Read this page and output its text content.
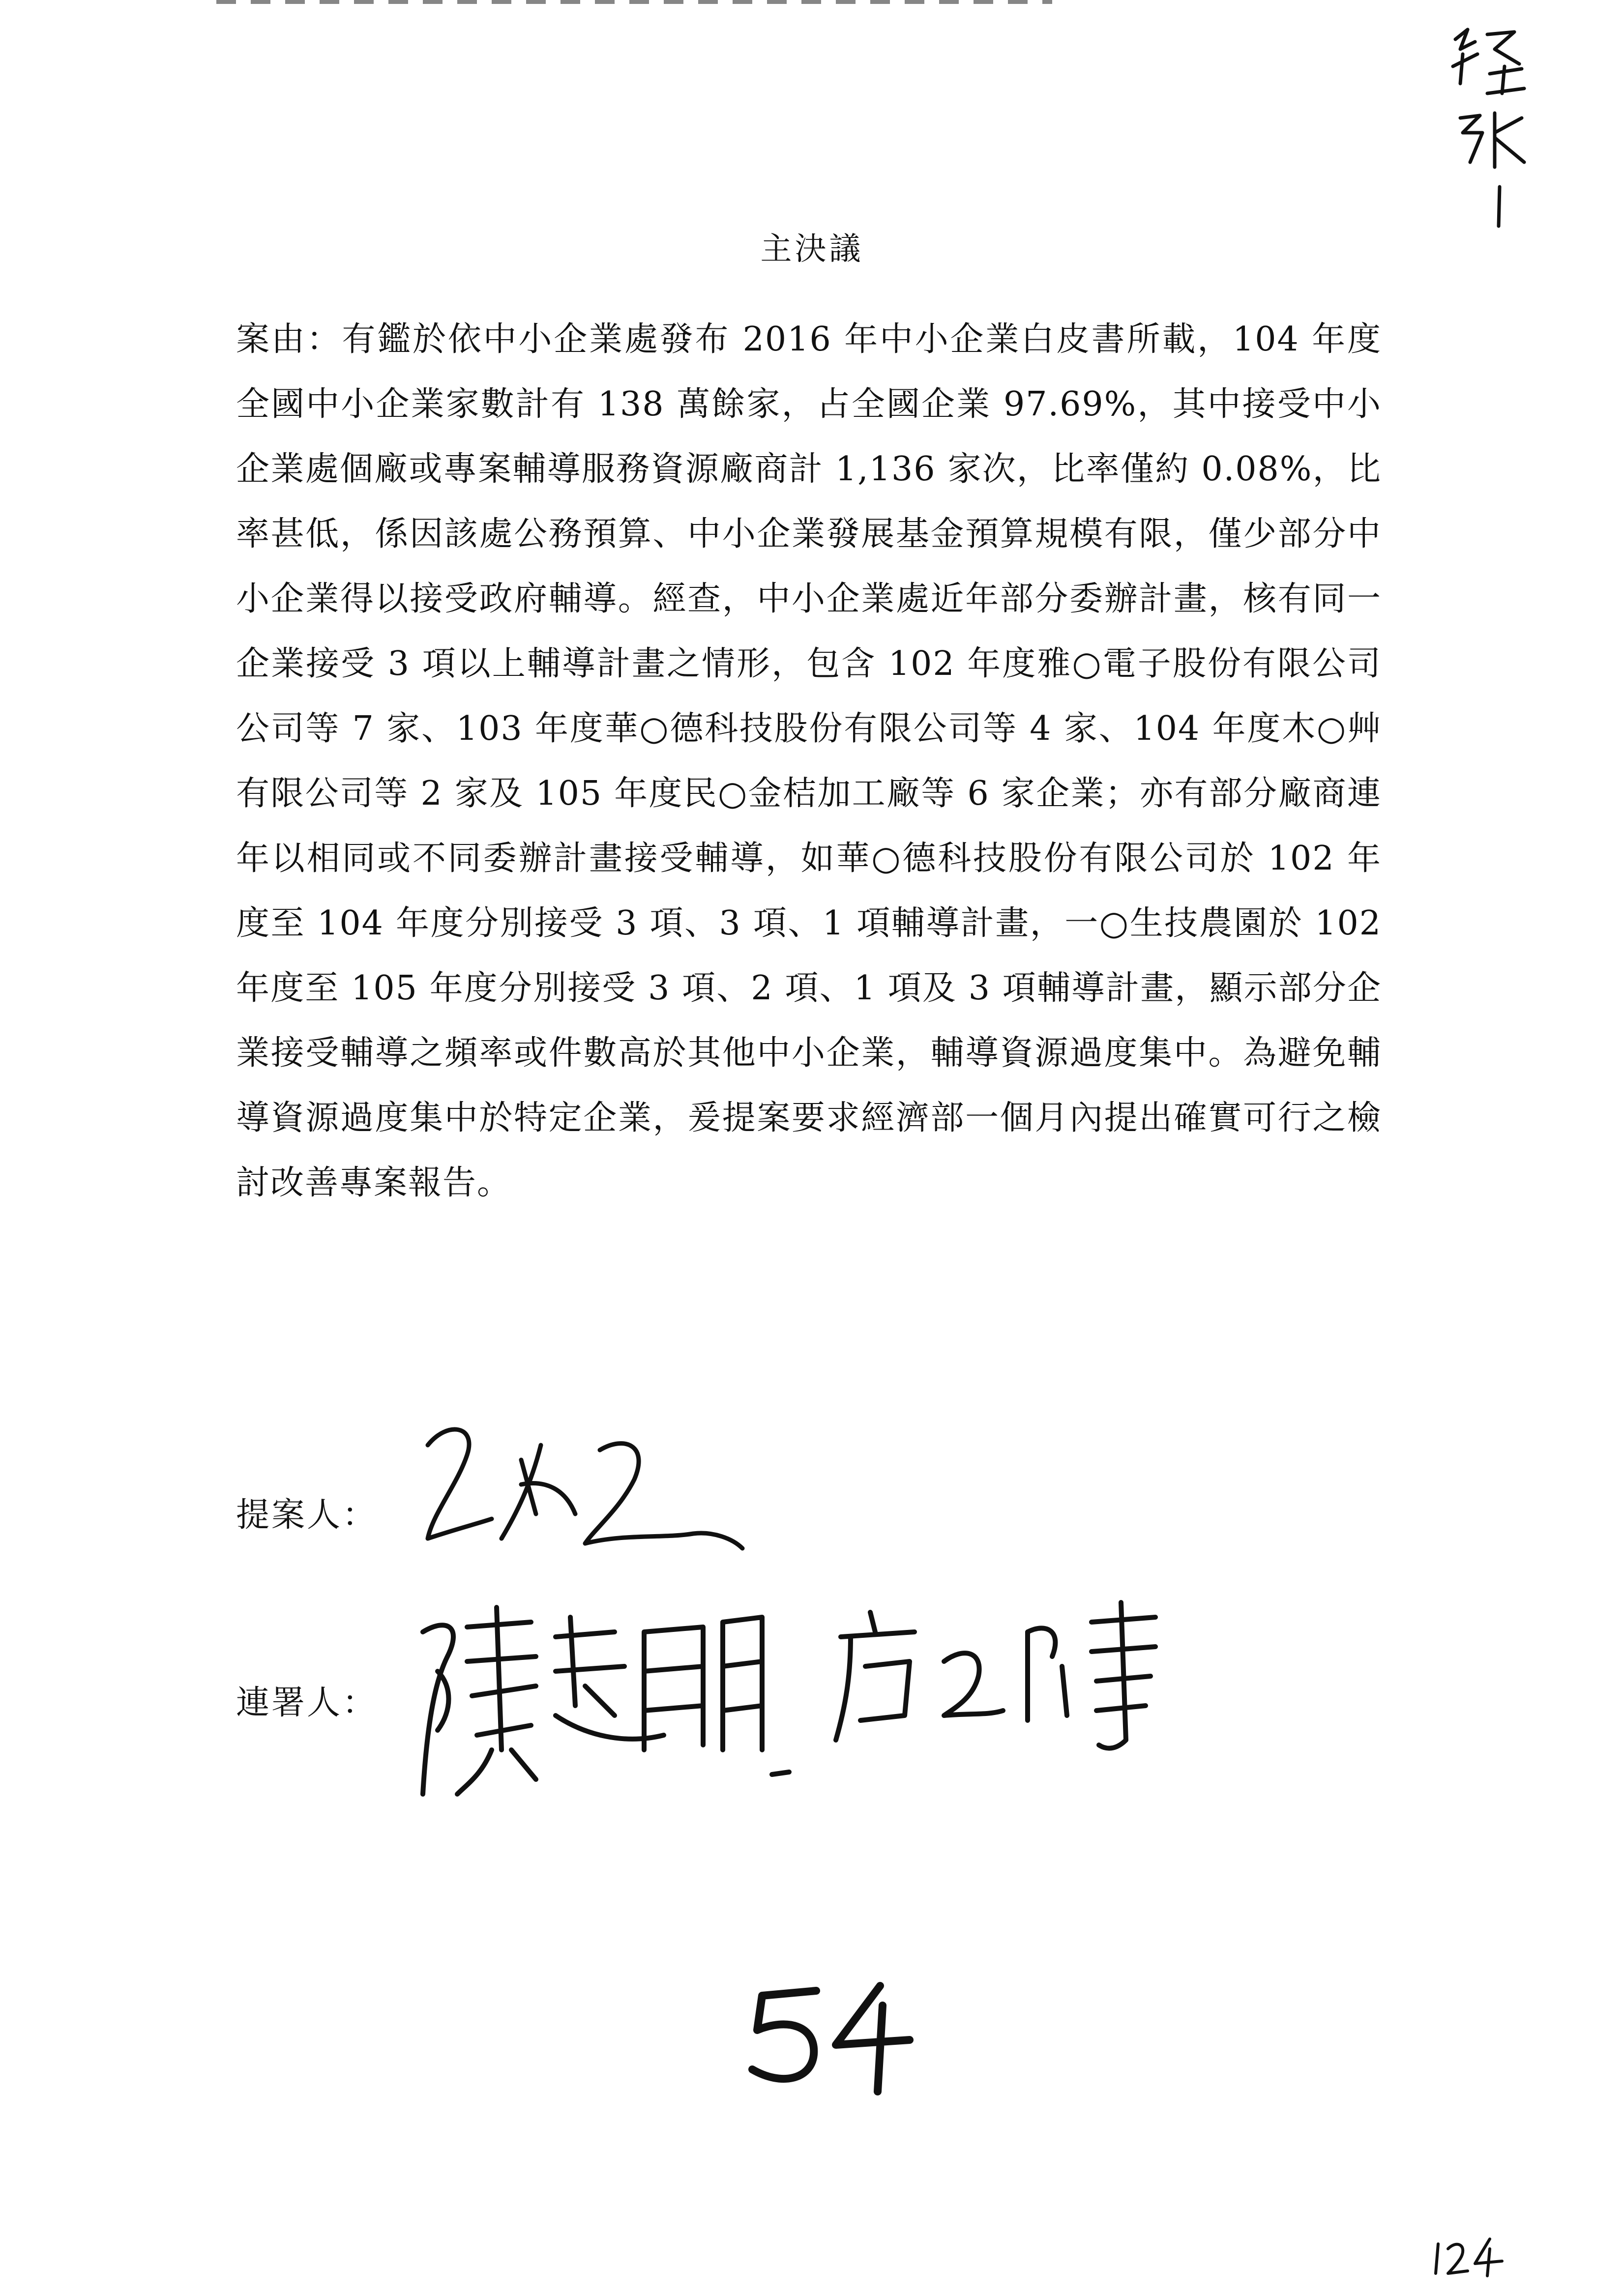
主決議
案由：有鑑於依中小企業處發布 2016 年中小企業白皮書所載，104 年度全國中小企業家數計有 138 萬餘家，占全國企業 97.69%，其中接受中小企業處個廠或專案輔導服務資源廠商計 1,136 家次，比率僅約 0.08%，比率甚低，係因該處公務預算、中小企業發展基金預算規模有限，僅少部分中小企業得以接受政府輔導。經查，中小企業處近年部分委辦計畫，核有同一企業接受 3 項以上輔導計畫之情形，包含 102 年度雅○電子股份有限公司公司等 7 家、103 年度華○德科技股份有限公司等 4 家、104 年度木○艸有限公司等 2 家及 105 年度民○金桔加工廠等 6 家企業；亦有部分廠商連年以相同或不同委辦計畫接受輔導，如華○德科技股份有限公司於 102 年度至 104 年度分別接受 3 項、3 項、1 項輔導計畫，一○生技農園於 102 年度至 105 年度分別接受 3 項、2 項、1 項及 3 項輔導計畫，顯示部分企業接受輔導之頻率或件數高於其他中小企業，輔導資源過度集中。為避免輔導資源過度集中於特定企業，爰提案要求經濟部一個月內提出確實可行之檢討改善專案報告。
提案人：
連署人：
